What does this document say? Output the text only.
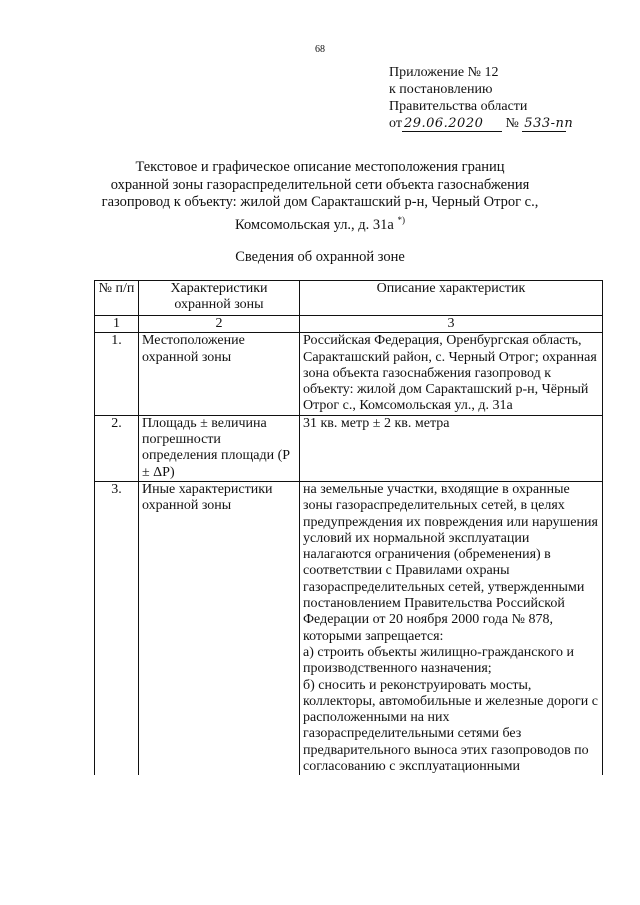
68
Приложение № 12
к постановлению
Правительства области
от 29.06.2020 № 533-пп
Текстовое и графическое описание местоположения границ
охранной зоны газораспределительной сети объекта газоснабжения
газопровод к объекту: жилой дом Саракташский р-н, Черный Отрог с.,
Комсомольская ул., д. 31а *)
Сведения об охранной зоне
№ п/п	Характеристики охранной зоны	Описание характеристик
1	2	3
1.	Местоположение охранной зоны	Российская Федерация, Оренбургская область, Саракташский район, с. Черный Отрог; охранная зона объекта газоснабжения газопровод к объекту: жилой дом Саракташский р-н, Чёрный Отрог с., Комсомольская ул., д. 31а
2.	Площадь ± величина погрешности определения площади (P ± ΔP)	31 кв. метр ± 2 кв. метра
3.	Иные характеристики охранной зоны	на земельные участки, входящие в охранные зоны газораспределительных сетей, в целях предупреждения их повреждения или нарушения условий их нормальной эксплуатации налагаются ограничения (обременения) в соответствии с Правилами охраны газораспределительных сетей, утвержденными постановлением Правительства Российской Федерации от 20 ноября 2000 года № 878, которыми запрещается:
а) строить объекты жилищно-гражданского и производственного назначения;
б) сносить и реконструировать мосты, коллекторы, автомобильные и железные дороги с расположенными на них газораспределительными сетями без предварительного выноса этих газопроводов по согласованию с эксплуатационными
